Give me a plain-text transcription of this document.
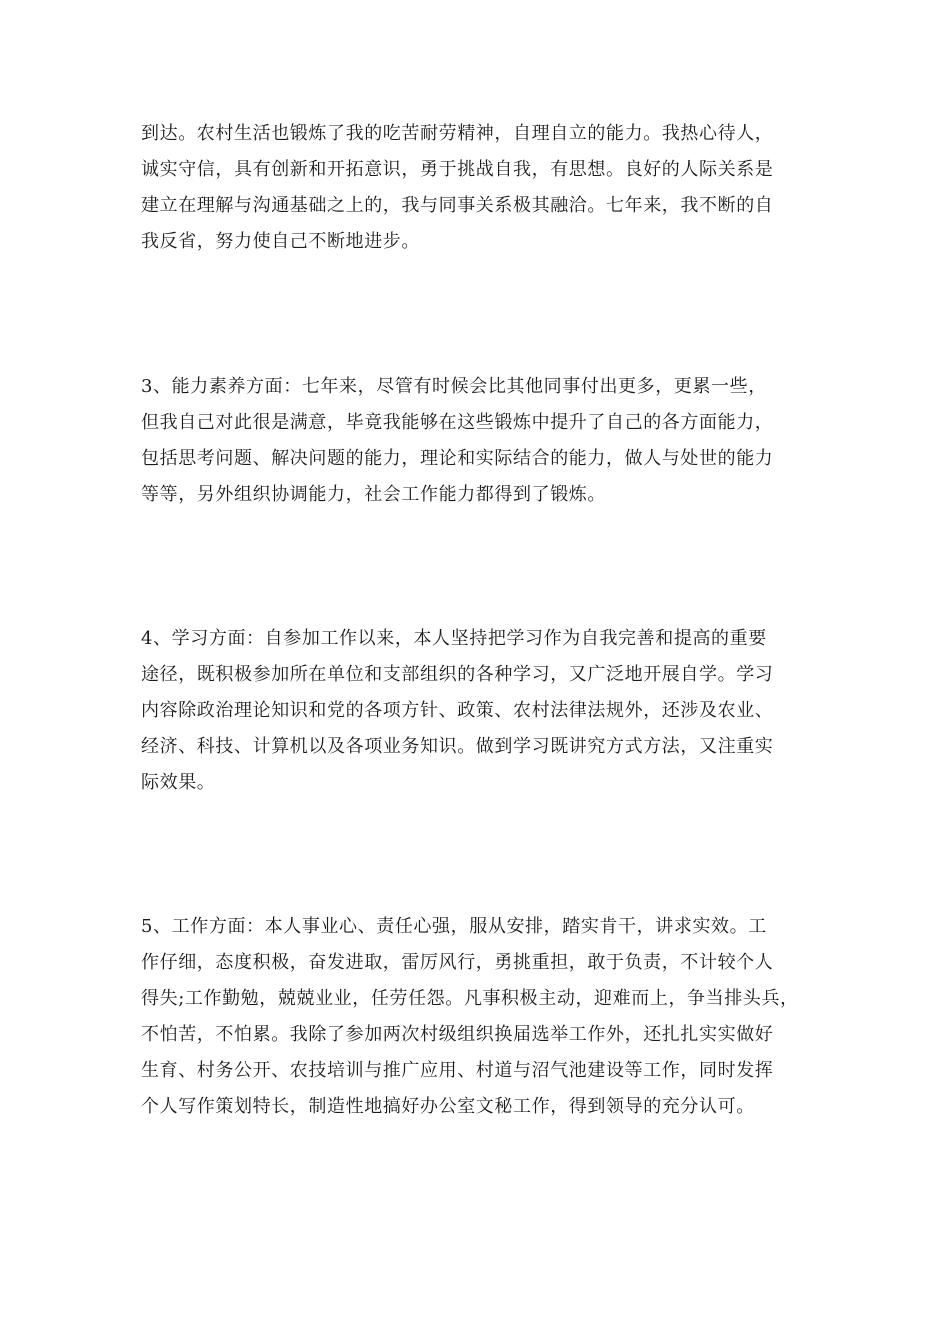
到达。农村生活也锻炼了我的吃苦耐劳精神，自理自立的能力。我热心待人，
诚实守信，具有创新和开拓意识，勇于挑战自我，有思想。良好的人际关系是
建立在理解与沟通基础之上的，我与同事关系极其融洽。七年来，我不断的自
我反省，努力使自己不断地进步。
3、能力素养方面：七年来，尽管有时候会比其他同事付出更多，更累一些，
但我自己对此很是满意，毕竟我能够在这些锻炼中提升了自己的各方面能力，
包括思考问题、解决问题的能力，理论和实际结合的能力，做人与处世的能力
等等，另外组织协调能力，社会工作能力都得到了锻炼。
4、学习方面：自参加工作以来，本人坚持把学习作为自我完善和提高的重要
途径，既积极参加所在单位和支部组织的各种学习，又广泛地开展自学。学习
内容除政治理论知识和党的各项方针、政策、农村法律法规外，还涉及农业、
经济、科技、计算机以及各项业务知识。做到学习既讲究方式方法，又注重实
际效果。
5、工作方面：本人事业心、责任心强，服从安排，踏实肯干，讲求实效。工
作仔细，态度积极，奋发进取，雷厉风行，勇挑重担，敢于负责，不计较个人
得失;工作勤勉，兢兢业业，任劳任怨。凡事积极主动，迎难而上，争当排头兵，
不怕苦，不怕累。我除了参加两次村级组织换届选举工作外，还扎扎实实做好
生育、村务公开、农技培训与推广应用、村道与沼气池建设等工作，同时发挥
个人写作策划特长，制造性地搞好办公室文秘工作，得到领导的充分认可。
